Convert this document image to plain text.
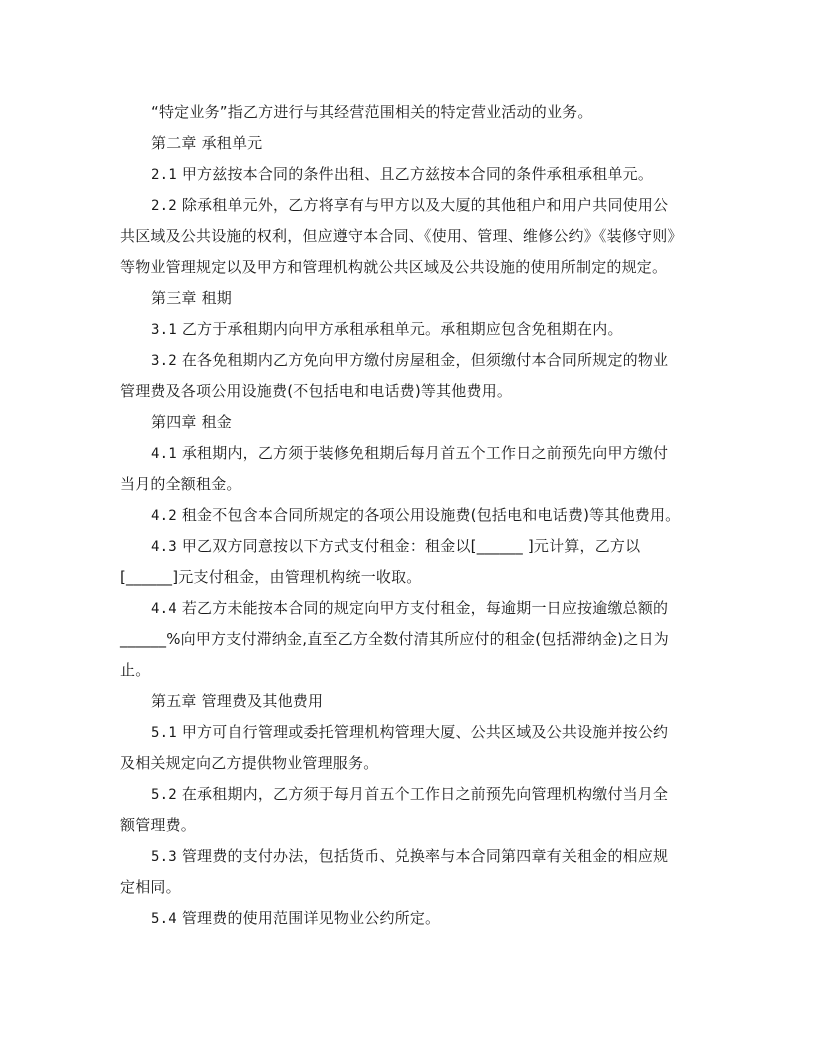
“特定业务”指乙方进行与其经营范围相关的特定营业活动的业务。
第二章 承租单元
2.1 甲方兹按本合同的条件出租、且乙方兹按本合同的条件承租承租单元。
2.2 除承租单元外，乙方将享有与甲方以及大厦的其他租户和用户共同使用公
共区域及公共设施的权利，但应遵守本合同、《使用、管理、维修公约》《装修守则》
等物业管理规定以及甲方和管理机构就公共区域及公共设施的使用所制定的规定。
第三章 租期
3.1 乙方于承租期内向甲方承租承租单元。承租期应包含免租期在内。
3.2 在各免租期内乙方免向甲方缴付房屋租金，但须缴付本合同所规定的物业
管理费及各项公用设施费(不包括电和电话费)等其他费用。
第四章 租金
4.1 承租期内，乙方须于装修免租期后每月首五个工作日之前预先向甲方缴付
当月的全额租金。
4.2 租金不包含本合同所规定的各项公用设施费(包括电和电话费)等其他费用。
4.3 甲乙双方同意按以下方式支付租金：租金以[______ ]元计算，乙方以
[______]元支付租金，由管理机构统一收取。
4.4 若乙方未能按本合同的规定向甲方支付租金，每逾期一日应按逾缴总额的
______%向甲方支付滞纳金,直至乙方全数付清其所应付的租金(包括滞纳金)之日为
止。
第五章 管理费及其他费用
5.1 甲方可自行管理或委托管理机构管理大厦、公共区域及公共设施并按公约
及相关规定向乙方提供物业管理服务。
5.2 在承租期内，乙方须于每月首五个工作日之前预先向管理机构缴付当月全
额管理费。
5.3 管理费的支付办法，包括货币、兑换率与本合同第四章有关租金的相应规
定相同。
5.4 管理费的使用范围详见物业公约所定。
